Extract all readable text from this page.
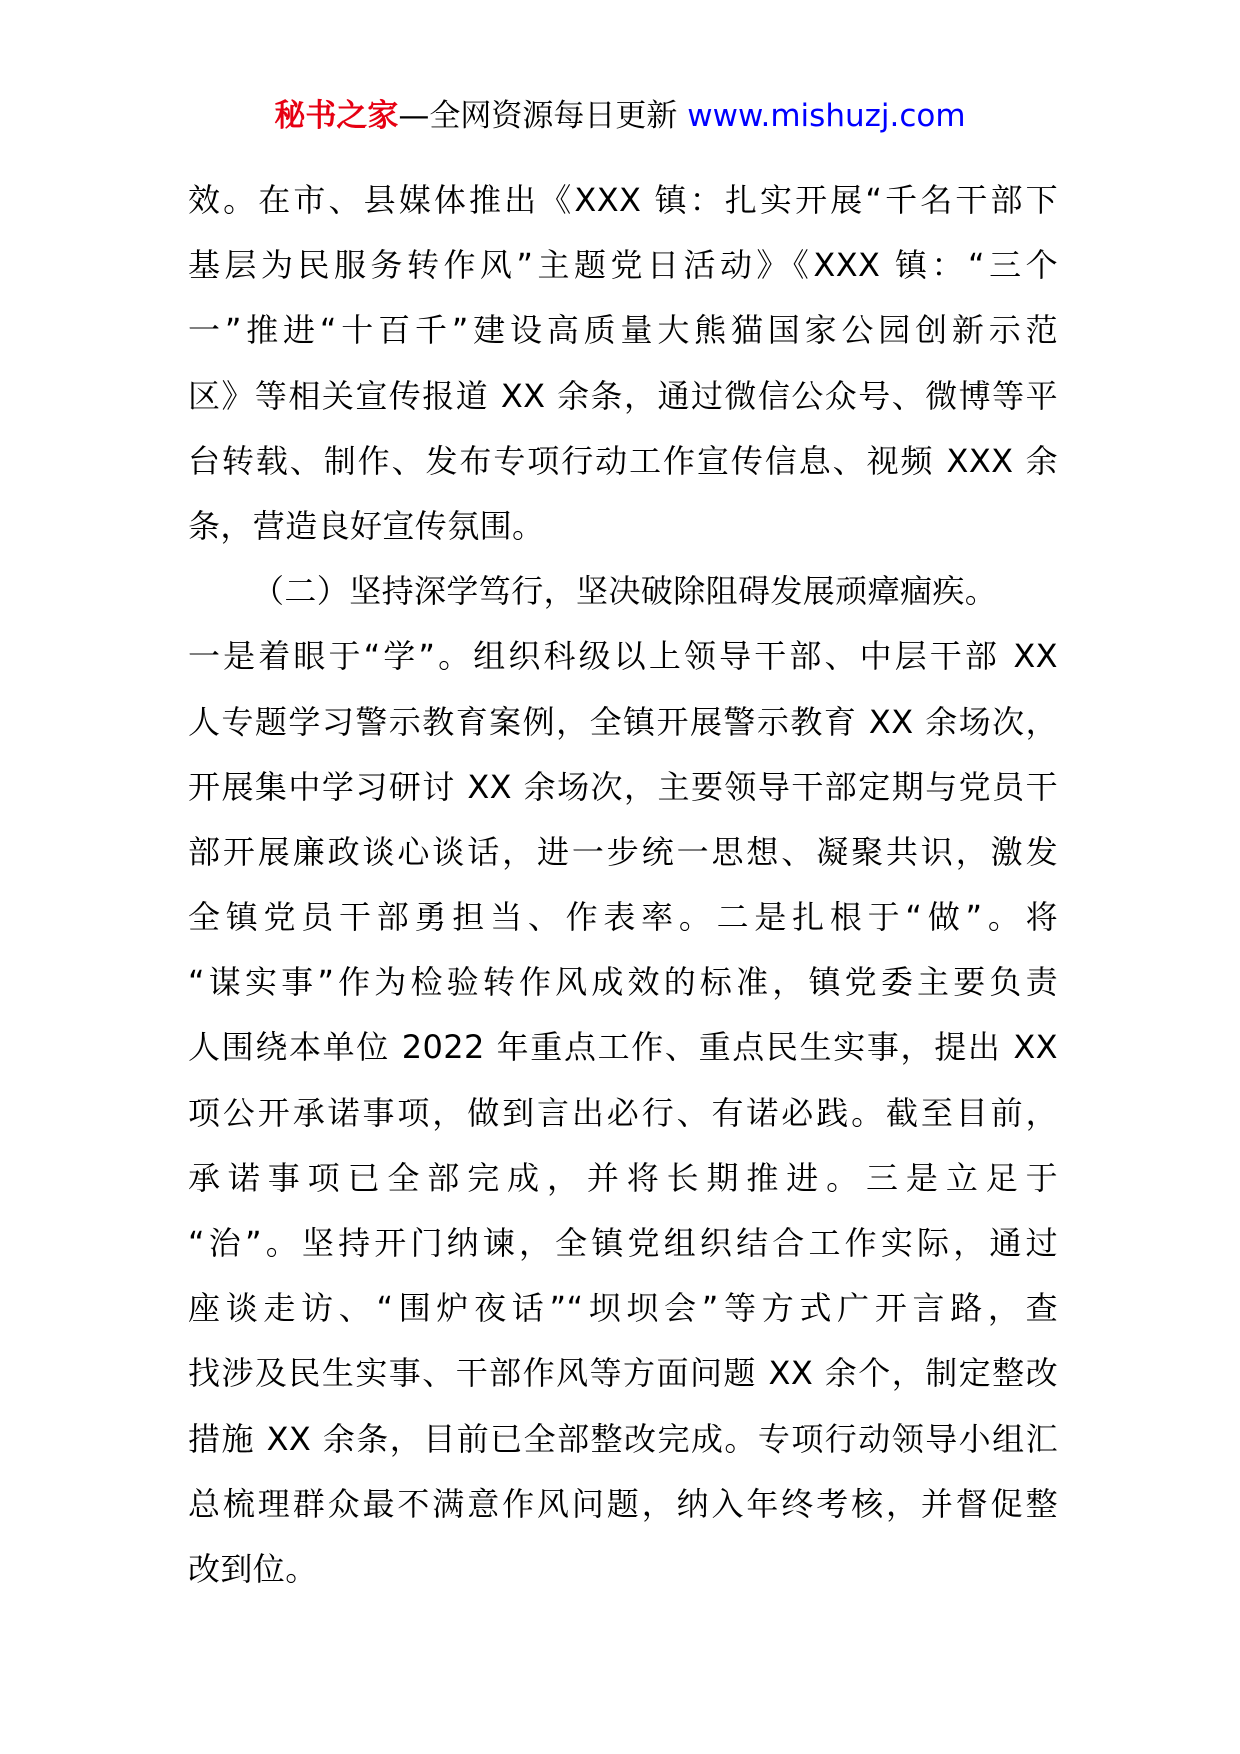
秘书之家—全网资源每日更新 www.mishuzj.com
效。在市、县媒体推出《XXX 镇：扎实开展“千名干部下
基层为民服务转作风”主题党日活动》《XXX 镇：“三个
一”推进“十百千”建设高质量大熊猫国家公园创新示范
区》等相关宣传报道 XX 余条，通过微信公众号、微博等平
台转载、制作、发布专项行动工作宣传信息、视频 XXX 余
条，营造良好宣传氛围。
（二）坚持深学笃行，坚决破除阻碍发展顽瘴痼疾。
一是着眼于“学”。组织科级以上领导干部、中层干部 XX
人专题学习警示教育案例，全镇开展警示教育 XX 余场次，
开展集中学习研讨 XX 余场次，主要领导干部定期与党员干
部开展廉政谈心谈话，进一步统一思想、凝聚共识，激发
全镇党员干部勇担当、作表率。二是扎根于“做”。将
“谋实事”作为检验转作风成效的标准，镇党委主要负责
人围绕本单位 2022 年重点工作、重点民生实事，提出 XX
项公开承诺事项，做到言出必行、有诺必践。截至目前，
承诺事项已全部完成，并将长期推进。三是立足于
“治”。坚持开门纳谏，全镇党组织结合工作实际，通过
座谈走访、“围炉夜话”“坝坝会”等方式广开言路，查
找涉及民生实事、干部作风等方面问题 XX 余个，制定整改
措施 XX 余条，目前已全部整改完成。专项行动领导小组汇
总梳理群众最不满意作风问题，纳入年终考核，并督促整
改到位。
